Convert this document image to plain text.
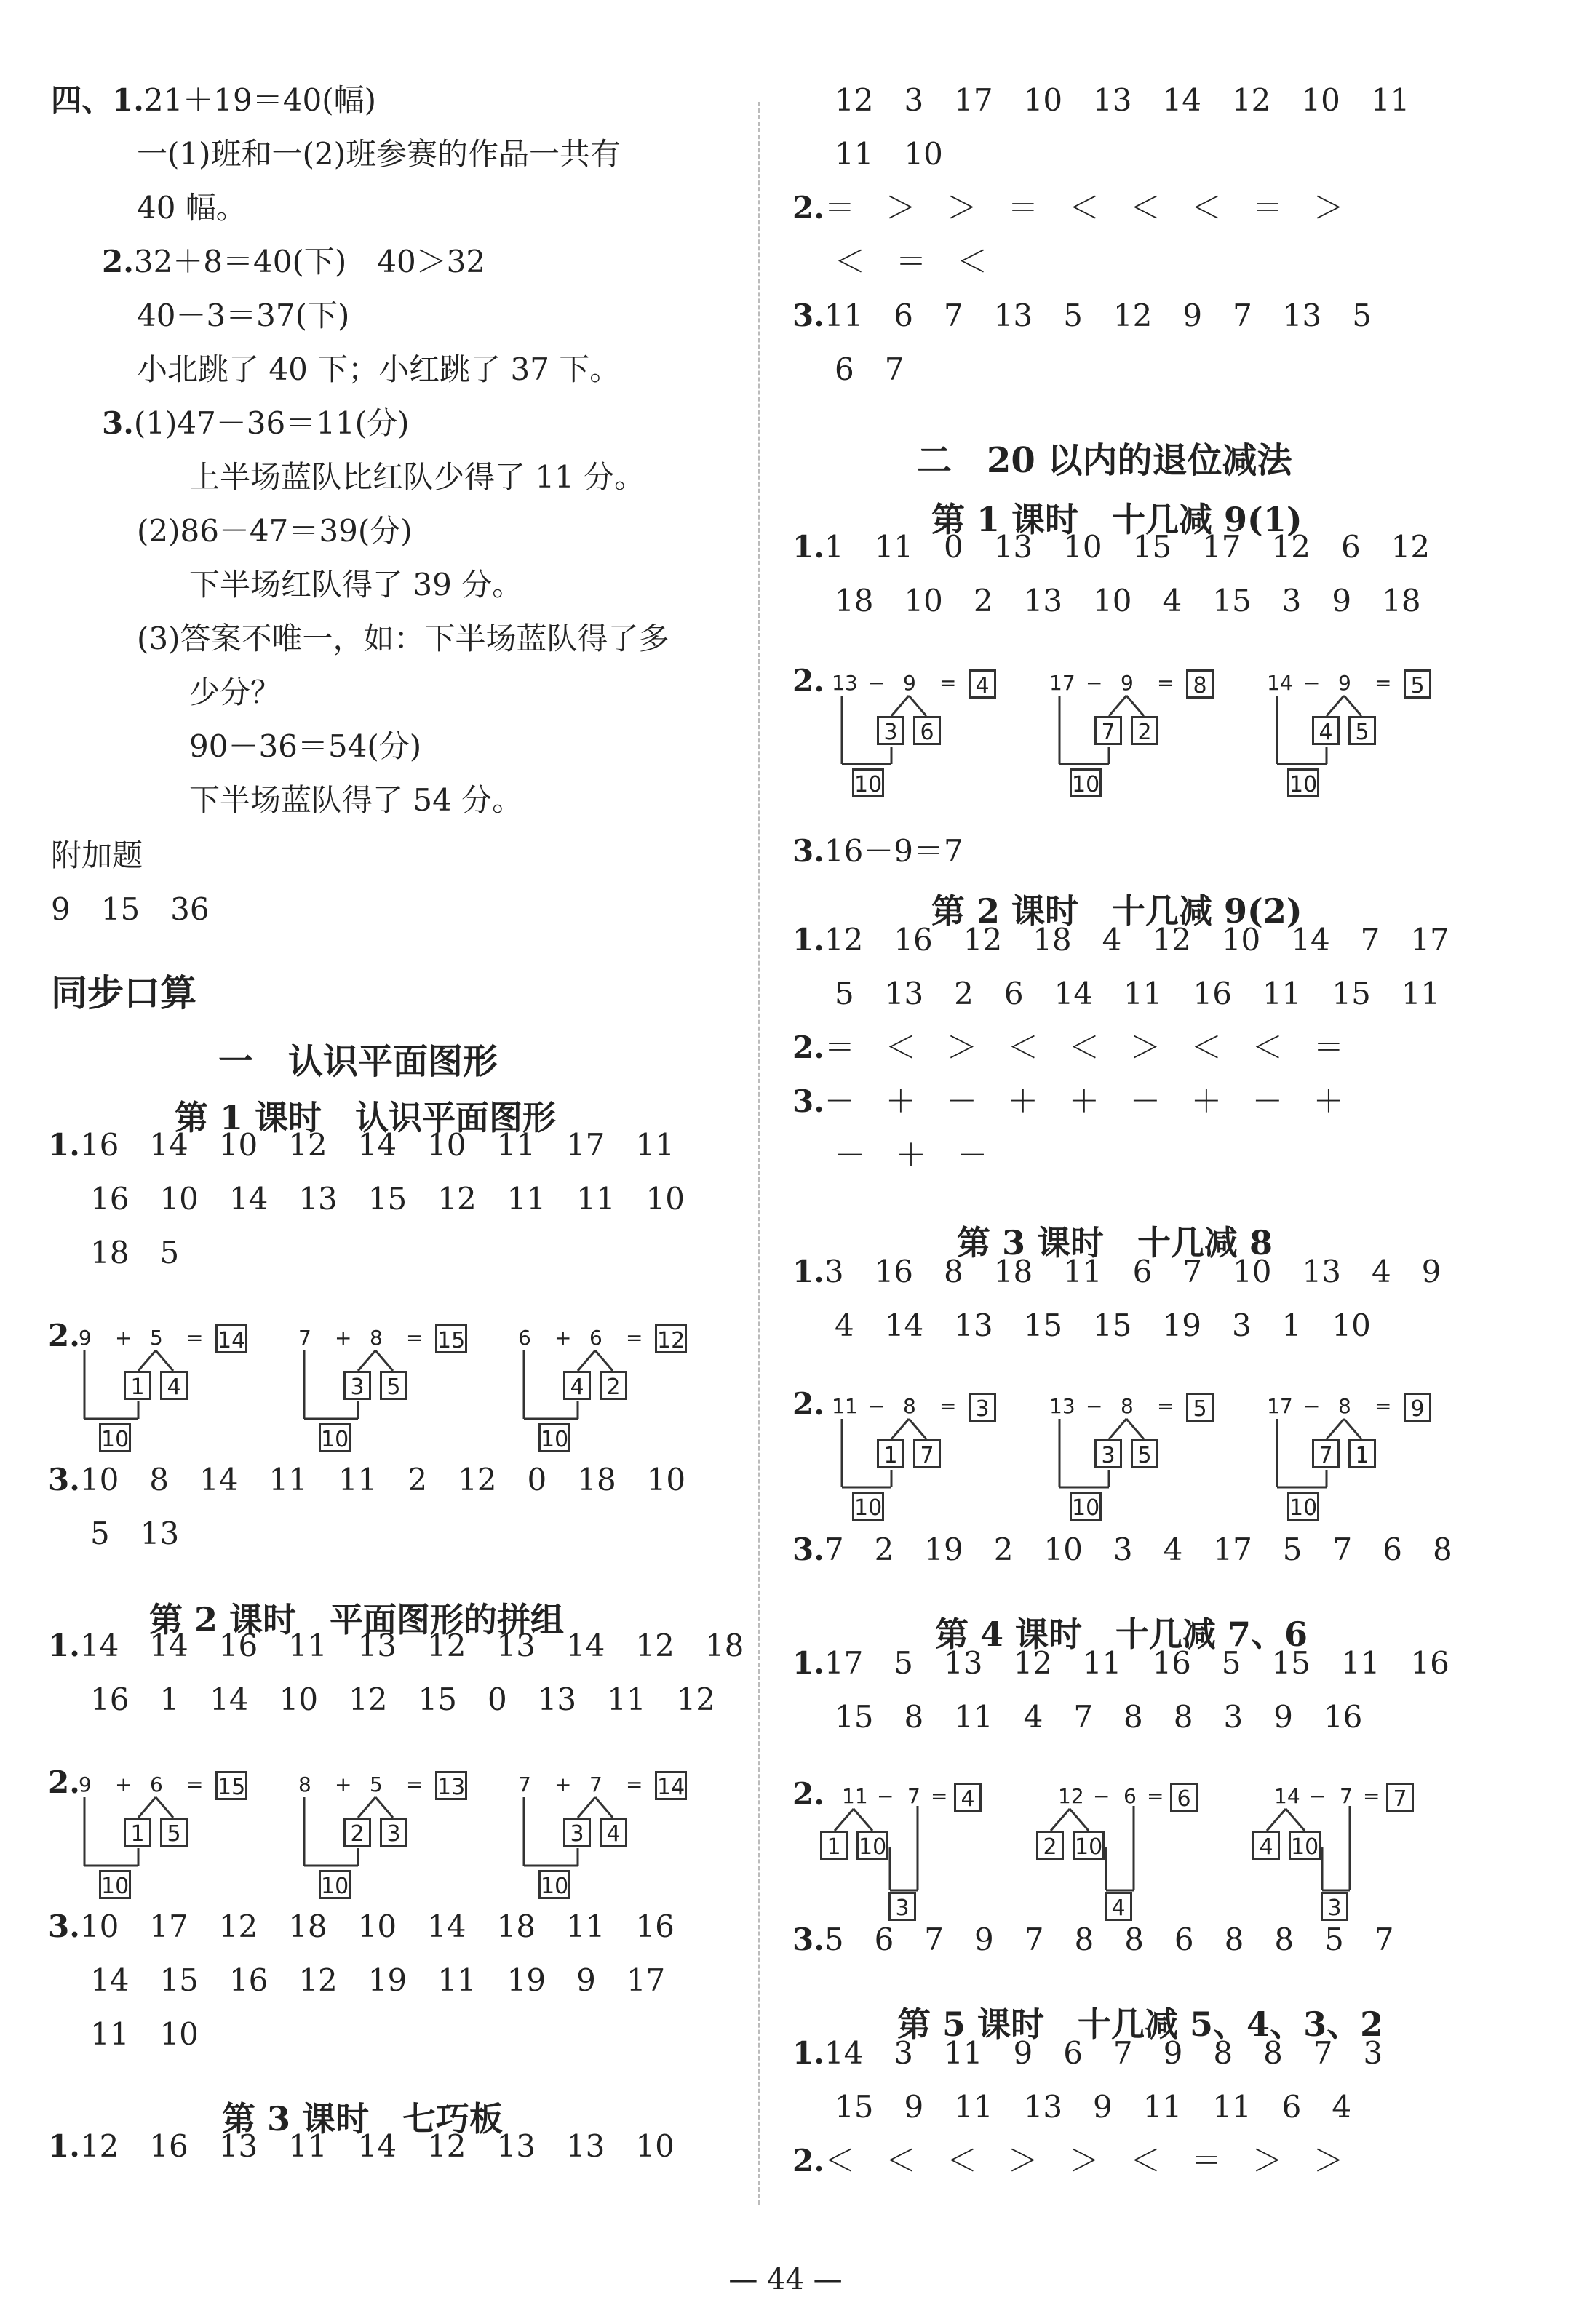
四、1.21＋19＝40(幅)
一(1)班和一(2)班参赛的作品一共有
40 幅。
2.32＋8＝40(下)　40＞32
40－3＝37(下)
小北跳了 40 下；小红跳了 37 下。
3.(1)47－36＝11(分)
上半场蓝队比红队少得了 11 分。
(2)86－47＝39(分)
下半场红队得了 39 分。
(3)答案不唯一，如：下半场蓝队得了多
少分？
90－36＝54(分)
下半场蓝队得了 54 分。
附加题
9　15　36
同步口算
一　认识平面图形
第 1 课时　认识平面图形
1.16　14　10　12　14　10　11　17　11
16　10　14　13　15　12　11　11　10
18　5
3.10　8　14　11　11　2　12　0　18　10
5　13
第 2 课时　平面图形的拼组
1.14　14　16　11　13　12　13　14　12　18
16　1　14　10　12　15　0　13　11　12
3.10　17　12　18　10　14　18　11　16
14　15　16　12　19　11　19　9　17
11　10
第 3 课时　七巧板
1.12　16　13　11　14　12　13　13　10
2.
9 + 5 = 14
1	4
10
7 + 8 = 15
3	5
10
6 + 6 = 12
4	2
10
2.
9 + 6 = 15
1	5
10
8 + 5 = 13
2	3
10
7 + 7 = 14
3	4
10
12　3　17　10　13　14　12　10　11
11　10
2.＝　＞　＞　＝　＜　＜　＜　＝　＞
＜　＝　＜
3.11　6　7　13　5　12　9　7　13　5
6　7
二　20 以内的退位减法
第 1 课时　十几减 9(1)
1.1　11　0　13　10　15　17　12　6　12
18　10　2　13　10　4　15　3　9　18
2. 13 − 9 = 4
3	6
10
17 − 9 = 8
7	2
10
14 − 9 = 5
4	5
10
3.16－9＝7
第 2 课时　十几减 9(2)
1.12　16　12　18　4　12　10　14　7　17
5　13　2　6　14　11　16　11　15　11
2.＝　＜　＞　＜　＜　＞　＜　＜　＝
3.－　＋　－　＋　＋　－　＋　－　＋
－　＋　－
第 3 课时　十几减 8
1.3　16　8　18　11　6　7　10　13　4　9
4　14　13　15　15　19　3　1　10
2. 11 − 8 = 3
1	7
10
13 − 8 = 5
3	5
10
17 − 8 = 9
7	1
10
3.7　2　19　2　10　3　4　17　5　7　6　8
第 4 课时　十几减 7、6
1.17　5　13　12　11　16　5　15　11　16
15　8　11　4　7　8　8　3　9　16
2. 11 − 7 = 4
1 10
3
12 − 6 = 6
2 10
4
14 − 7 = 7
4 10
3
3.5　6　7　9　7　8　8　6　8　8　5　7
第 5 课时　十几减 5、4、3、2
1.14　3　11　9　6　7　9　8　8　7　3
15　9　11　13　9　11　11　6　4
2.＜　＜　＜　＞　＞　＜　＝　＞　＞
— 44 —
